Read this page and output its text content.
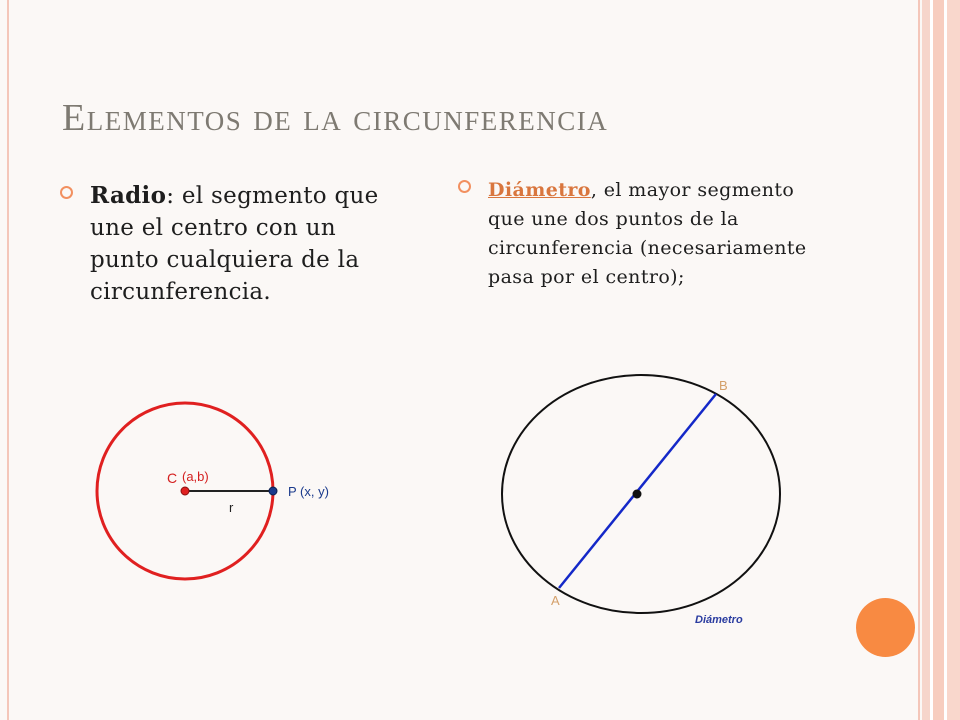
Elementos de la circunferencia
Radio: el segmento que une el centro con un punto cualquiera de la circunferencia.
Diámetro, el mayor segmento que une dos puntos de la circunferencia (necesariamente pasa por el centro);
C (a,b)
P (x, y)
r
B
A
Diámetro
